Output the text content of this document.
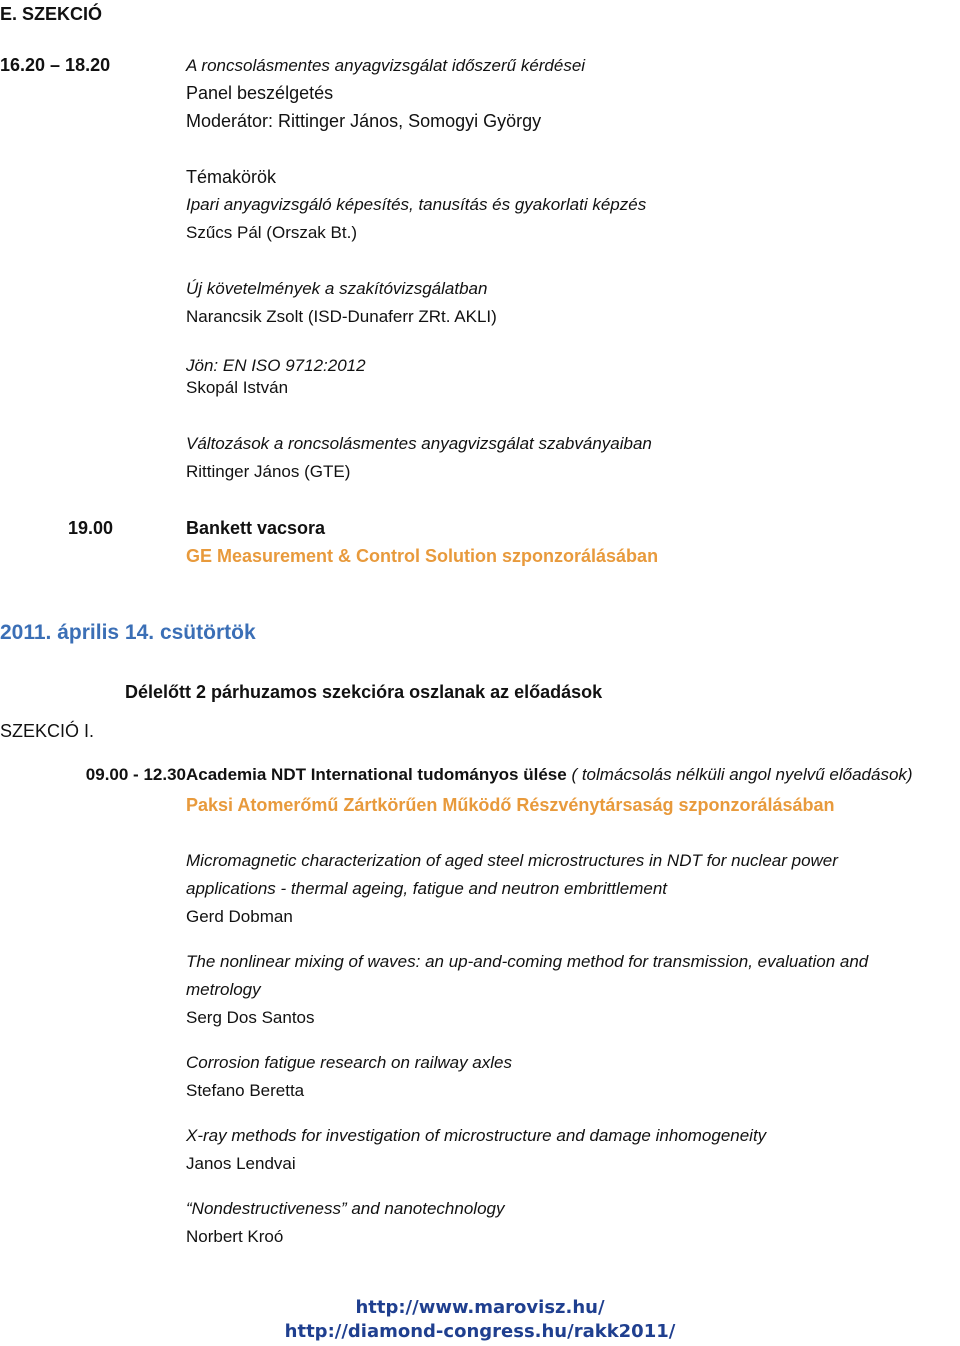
E. SZEKCIÓ
16.20 – 18.20	A roncsolásmentes anyagvizsgálat időszerű kérdései
Panel beszélgetés
Moderátor: Rittinger János, Somogyi György
Témakörök
Ipari anyagvizsgáló képesítés, tanusítás és gyakorlati képzés
Szűcs Pál (Orszak Bt.)
Új követelmények a szakítóvizsgálatban
Narancsik Zsolt (ISD-Dunaferr ZRt. AKLI)
Jön: EN ISO 9712:2012
Skopál István
Változások a roncsolásmentes anyagvizsgálat szabványaiban
Rittinger János (GTE)
19.00	Bankett vacsora
GE Measurement & Control Solution szponzorálásában
2011. április 14. csütörtök
Délelőtt 2 párhuzamos szekcióra oszlanak az előadások
SZEKCIÓ I.
09.00 - 12.30 Academia NDT International tudományos ülése ( tolmácsolás nélküli angol nyelvű előadások)
Paksi Atomerőmű Zártkörűen Működő Részvénytársaság szponzorálásában
Micromagnetic characterization of aged steel microstructures in NDT for nuclear power
applications - thermal ageing, fatigue and neutron embrittlement
Gerd Dobman
The nonlinear mixing of waves: an up-and-coming method for transmission, evaluation and
metrology
Serg Dos Santos
Corrosion fatigue research on railway axles
Stefano Beretta
X-ray methods for investigation of microstructure and damage inhomogeneity
Janos Lendvai
“Nondestructiveness” and nanotechnology
Norbert Kroó
http://www.marovisz.hu/
http://diamond-congress.hu/rakk2011/
